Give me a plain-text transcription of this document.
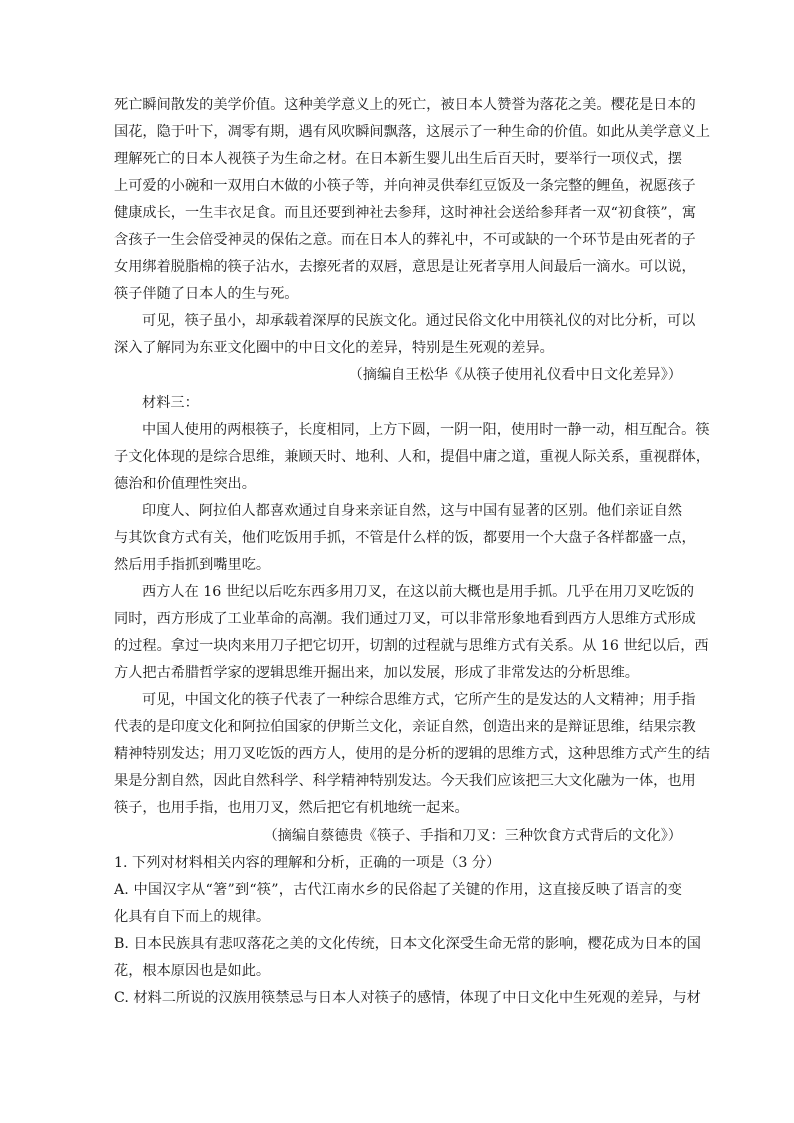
死亡瞬间散发的美学价值。这种美学意义上的死亡，被日本人赞誉为落花之美。樱花是日本的

国花，隐于叶下，凋零有期，遇有风吹瞬间飘落，这展示了一种生命的价值。如此从美学意义上

理解死亡的日本人视筷子为生命之材。在日本新生婴儿出生后百天时，要举行一项仪式，摆

上可爱的小碗和一双用白木做的小筷子等，并向神灵供奉红豆饭及一条完整的鲤鱼，祝愿孩子

健康成长，一生丰衣足食。而且还要到神社去参拜，这时神社会送给参拜者一双“初食筷”，寓

含孩子一生会倍受神灵的保佑之意。而在日本人的葬礼中，不可或缺的一个环节是由死者的子

女用绑着脱脂棉的筷子沾水，去擦死者的双唇，意思是让死者享用人间最后一滴水。可以说，

筷子伴随了日本人的生与死。

可见，筷子虽小，却承载着深厚的民族文化。通过民俗文化中用筷礼仪的对比分析，可以

深入了解同为东亚文化圈中的中日文化的差异，特别是生死观的差异。

（摘编自王松华《从筷子使用礼仪看中日文化差异》）

材料三：

中国人使用的两根筷子，长度相同，上方下圆，一阴一阳，使用时一静一动，相互配合。筷

子文化体现的是综合思维，兼顾天时、地利、人和，提倡中庸之道，重视人际关系，重视群体，

德治和价值理性突出。

印度人、阿拉伯人都喜欢通过自身来亲证自然，这与中国有显著的区别。他们亲证自然

与其饮食方式有关，他们吃饭用手抓，不管是什么样的饭，都要用一个大盘子各样都盛一点，

然后用手指抓到嘴里吃。

西方人在 16 世纪以后吃东西多用刀叉，在这以前大概也是用手抓。几乎在用刀叉吃饭的

同时，西方形成了工业革命的高潮。我们通过刀叉，可以非常形象地看到西方人思维方式形成

的过程。拿过一块肉来用刀子把它切开，切割的过程就与思维方式有关系。从 16 世纪以后，西

方人把古希腊哲学家的逻辑思维开掘出来，加以发展，形成了非常发达的分析思维。

可见，中国文化的筷子代表了一种综合思维方式，它所产生的是发达的人文精神；用手指

代表的是印度文化和阿拉伯国家的伊斯兰文化，亲证自然，创造出来的是辩证思维，结果宗教

精神特别发达；用刀叉吃饭的西方人，使用的是分析的逻辑的思维方式，这种思维方式产生的结

果是分割自然，因此自然科学、科学精神特别发达。今天我们应该把三大文化融为一体，也用

筷子，也用手指，也用刀叉，然后把它有机地统一起来。

（摘编自蔡德贵《筷子、手指和刀叉：三种饮食方式背后的文化》）

1. 下列对材料相关内容的理解和分析，正确的一项是（3 分）

A. 中国汉字从“箸”到“筷”，古代江南水乡的民俗起了关键的作用，这直接反映了语言的变

化具有自下而上的规律。

B. 日本民族具有悲叹落花之美的文化传统，日本文化深受生命无常的影响，樱花成为日本的国

花，根本原因也是如此。

C. 材料二所说的汉族用筷禁忌与日本人对筷子的感情，体现了中日文化中生死观的差异，与材
